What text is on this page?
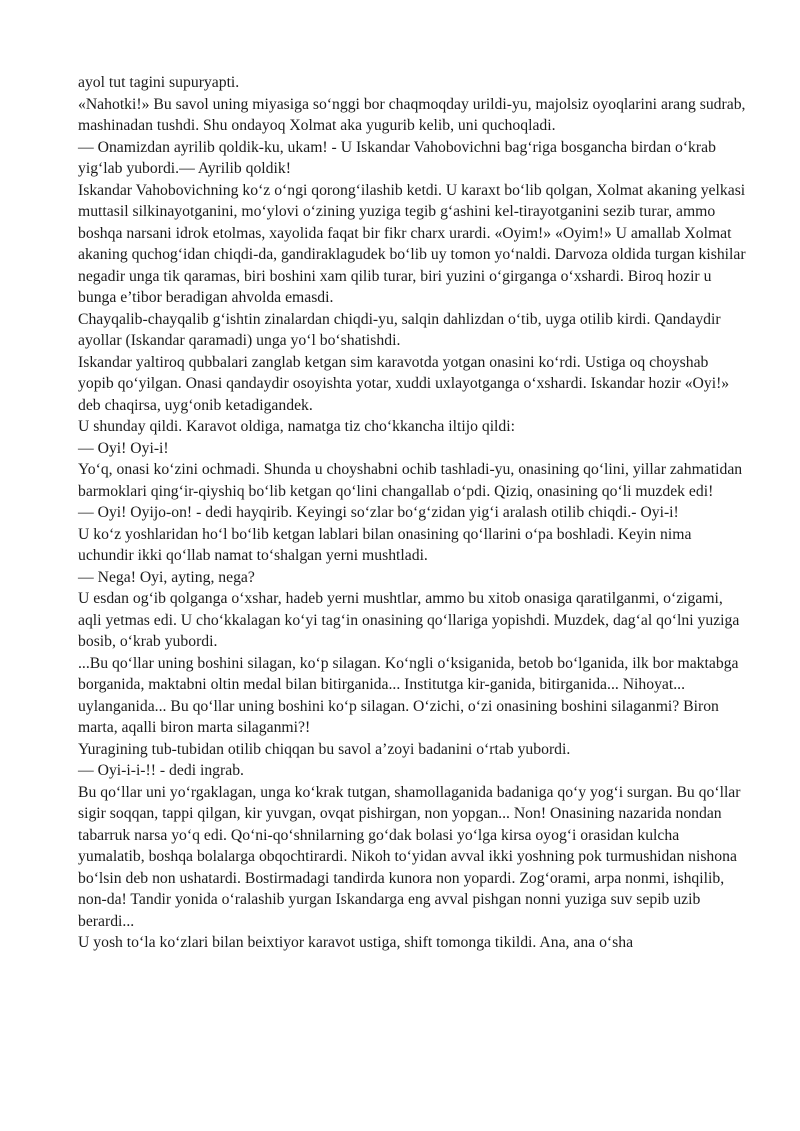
ayol tut tagini supuryapti.

«Nahotki!» Bu savol uning miyasiga so‘nggi bor chaqmoqday urildi-yu, majolsiz oyoqlarini arang sudrab, mashinadan tushdi. Shu ondayoq Xolmat aka yugurib kelib, uni quchoqladi.

— Onamizdan ayrilib qoldik-ku, ukam! - U Iskandar Vahobovichni bag‘riga bosgancha birdan o‘krab yig‘lab yubordi.— Ayrilib qoldik!

Iskandar Vahobovichning ko‘z o‘ngi qorong‘ilashib ketdi. U karaxt bo‘lib qolgan, Xolmat akaning yelkasi muttasil silkinayotganini, mo‘ylovi o‘zining yuziga tegib g‘ashini kel-tirayotganini sezib turar, ammo boshqa narsani idrok etolmas, xayolida faqat bir fikr charx urardi. «Oyim!» «Oyim!» U amallab Xolmat akaning quchog‘idan chiqdi-da, gandiraklagudek bo‘lib uy tomon yo‘naldi. Darvoza oldida turgan kishilar negadir unga tik qaramas, biri boshini xam qilib turar, biri yuzini o‘girganga o‘xshardi. Biroq hozir u bunga e’tibor beradigan ahvolda emasdi.

Chayqalib-chayqalib g‘ishtin zinalardan chiqdi-yu, salqin dahlizdan o‘tib, uyga otilib kirdi. Qandaydir ayollar (Iskandar qaramadi) unga yo‘l bo‘shatishdi.

Iskandar yaltiroq qubbalari zanglab ketgan sim karavotda yotgan onasini ko‘rdi. Ustiga oq choyshab yopib qo‘yilgan. Onasi qandaydir osoyishta yotar, xuddi uxlayotganga o‘xshardi. Iskandar hozir «Oyi!» deb chaqirsa, uyg‘onib ketadigandek.

U shunday qildi. Karavot oldiga, namatga tiz cho‘kkancha iltijo qildi:

— Oyi! Oyi-i!

Yo‘q, onasi ko‘zini ochmadi. Shunda u choyshabni ochib tashladi-yu, onasining qo‘lini, yillar zahmatidan barmoklari qing‘ir-qiyshiq bo‘lib ketgan qo‘lini changallab o‘pdi. Qiziq, onasining qo‘li muzdek edi!

— Oyi! Oyijo-on! - dedi hayqirib. Keyingi so‘zlar bo‘g‘zidan yig‘i aralash otilib chiqdi.- Oyi-i!

U ko‘z yoshlaridan ho‘l bo‘lib ketgan lablari bilan onasining qo‘llarini o‘pa boshladi. Keyin nima uchundir ikki qo‘llab namat to‘shalgan yerni mushtladi.

— Nega! Oyi, ayting, nega?

U esdan og‘ib qolganga o‘xshar, hadeb yerni mushtlar, ammo bu xitob onasiga qaratilganmi, o‘zigami, aqli yetmas edi. U cho‘kkalagan ko‘yi tag‘in onasining qo‘llariga yopishdi. Muzdek, dag‘al qo‘lni yuziga bosib, o‘krab yubordi.

...Bu qo‘llar uning boshini silagan, ko‘p silagan. Ko‘ngli o‘ksiganida, betob bo‘lganida, ilk bor maktabga borganida, maktabni oltin medal bilan bitirganida... Institutga kir-ganida, bitirganida... Nihoyat... uylanganida... Bu qo‘llar uning boshini ko‘p silagan. O‘zichi, o‘zi onasining boshini silaganmi? Biron marta, aqalli biron marta silaganmi?!

Yuragining tub-tubidan otilib chiqqan bu savol a’zoyi badanini o‘rtab yubordi.

— Oyi-i-i-!! - dedi ingrab.

Bu qo‘llar uni yo‘rgaklagan, unga ko‘krak tutgan, shamollaganida badaniga qo‘y yog‘i surgan. Bu qo‘llar sigir soqqan, tappi qilgan, kir yuvgan, ovqat pishirgan, non yopgan... Non! Onasining nazarida nondan tabarruk narsa yo‘q edi. Qo‘ni-qo‘shnilarning go‘dak bolasi yo‘lga kirsa oyog‘i orasidan kulcha yumalatib, boshqa bolalarga obqochtirardi. Nikoh to‘yidan avval ikki yoshning pok turmushidan nishona bo‘lsin deb non ushatardi. Bostirmadagi tandirda kunora non yopardi. Zog‘orami, arpa nonmi, ishqilib, non-da! Tandir yonida o‘ralashib yurgan Iskandarga eng avval pishgan nonni yuziga suv sepib uzib berardi...

U yosh to‘la ko‘zlari bilan beixtiyor karavot ustiga, shift tomonga tikildi. Ana, ana o‘sha
